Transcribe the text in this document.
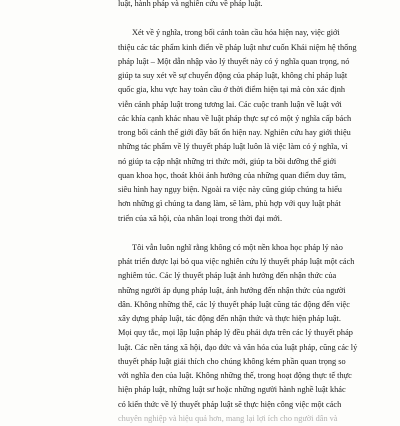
luật, hành pháp và nghiên cứu về pháp luật.
Xét về ý nghĩa, trong bối cảnh toàn cầu hóa hiện nay, việc giới
thiệu các tác phẩm kinh điển về pháp luật như cuốn Khái niệm hệ thống
pháp luật – Một dẫn nhập vào lý thuyết này có ý nghĩa quan trọng, nó
giúp ta suy xét về sự chuyển động của pháp luật, không chỉ pháp luật
quốc gia, khu vực hay toàn cầu ở thời điểm hiện tại mà còn xác định
viễn cảnh pháp luật trong tương lai. Các cuộc tranh luận về luật với
các khía cạnh khác nhau về luật pháp thực sự có một ý nghĩa cấp bách
trong bối cảnh thế giới đầy bất ổn hiện nay. Nghiên cứu hay giới thiệu
những tác phẩm về lý thuyết pháp luật luôn là việc làm có ý nghĩa, vì
nó giúp ta cập nhật những tri thức mới, giúp ta bồi dưỡng thế giới
quan khoa học, thoát khỏi ảnh hưởng của những quan điểm duy tâm,
siêu hình hay ngụy biện. Ngoài ra việc này cũng giúp chúng ta hiểu
hơn những gì chúng ta đang làm, sẽ làm, phù hợp với quy luật phát
triển của xã hội, của nhân loại trong thời đại mới.
Tôi vẫn luôn nghĩ rằng không có một nền khoa học pháp lý nào
phát triển được lại bỏ qua việc nghiên cứu lý thuyết pháp luật một cách
nghiêm túc. Các lý thuyết pháp luật ảnh hưởng đến nhận thức của
những người áp dụng pháp luật, ảnh hưởng đến nhận thức của người
dân. Không những thế, các lý thuyết pháp luật cũng tác động đến việc
xây dựng pháp luật, tác động đến nhận thức và thực hiện pháp luật.
Mọi quy tắc, mọi lập luận pháp lý đều phải dựa trên các lý thuyết pháp
luật. Các nền tảng xã hội, đạo đức và văn hóa của luật pháp, cũng các lý
thuyết pháp luật giải thích cho chúng không kém phần quan trọng so
với nghĩa đen của luật. Không những thế, trong hoạt động thực tế thực
hiện pháp luật, những luật sư hoặc những người hành nghề luật khác
có kiến thức về lý thuyết pháp luật sẽ thực hiện công việc một cách
chuyên nghiệp và hiệu quả hơn, mang lại lợi ích cho người dân và
